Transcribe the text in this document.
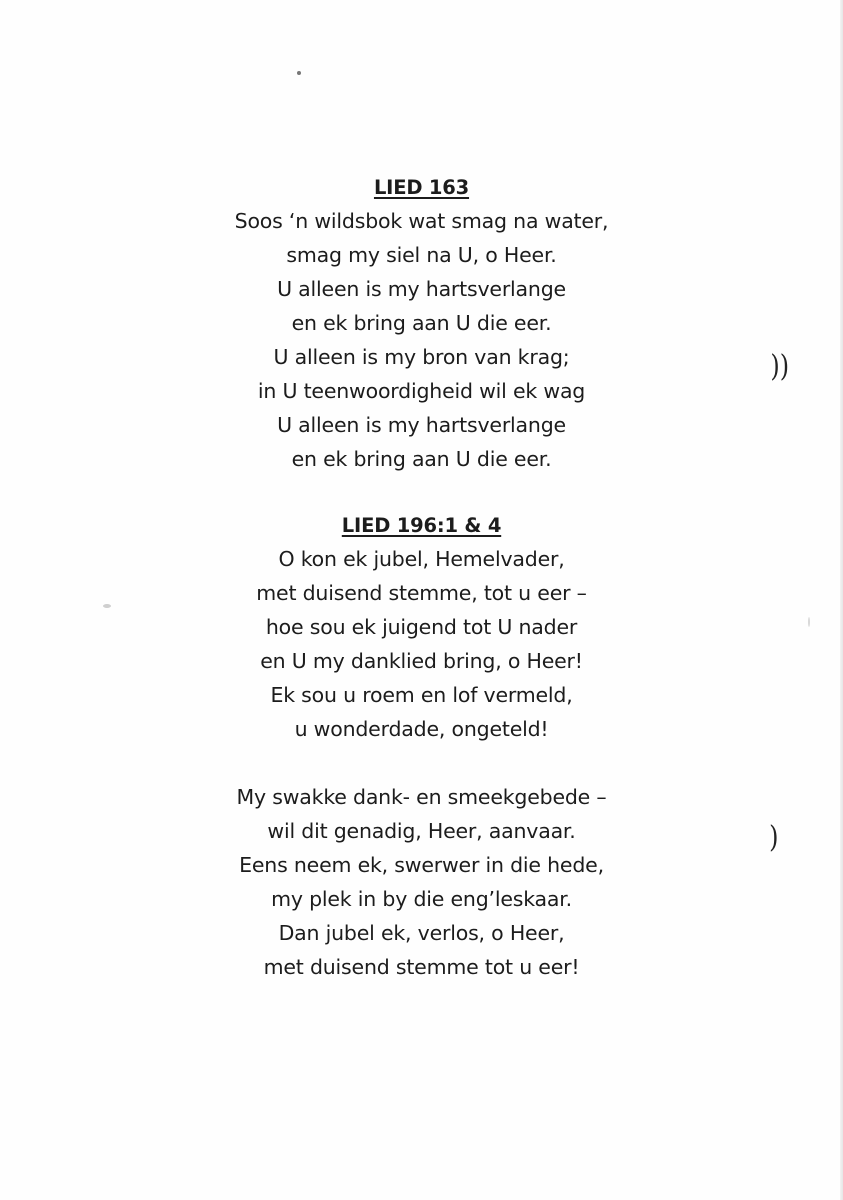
LIED 163
Soos ‘n wildsbok wat smag na water,
smag my siel na U, o Heer.
U alleen is my hartsverlange
en ek bring aan U die eer.
U alleen is my bron van krag;
in U teenwoordigheid wil ek wag
U alleen is my hartsverlange
en ek bring aan U die eer.
LIED 196:1 & 4
O kon ek jubel, Hemelvader,
met duisend stemme, tot u eer –
hoe sou ek juigend tot U nader
en U my danklied bring, o Heer!
Ek sou u roem en lof vermeld,
u wonderdade, ongeteld!
My swakke dank- en smeekgebede –
wil dit genadig, Heer, aanvaar.
Eens neem ek, swerwer in die hede,
my plek in by die eng’leskaar.
Dan jubel ek, verlos, o Heer,
met duisend stemme tot u eer!
))
)
